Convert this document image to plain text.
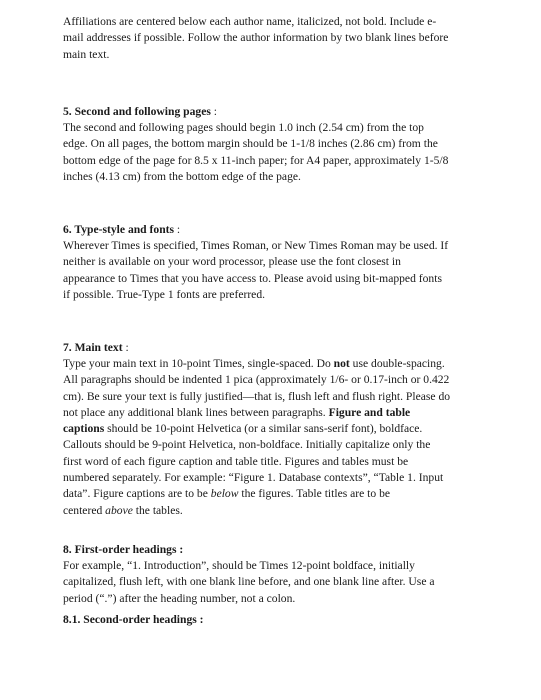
Affiliations are centered below each author name, italicized, not bold. Include e-
mail addresses if possible. Follow the author information by two blank lines before
main text.

5. Second and following pages :

The second and following pages should begin 1.0 inch (2.54 cm) from the top
edge. On all pages, the bottom margin should be 1-1/8 inches (2.86 cm) from the
bottom edge of the page for 8.5 x 11-inch paper; for A4 paper, approximately 1-5/8
inches (4.13 cm) from the bottom edge of the page.

6. Type-style and fonts :

Wherever Times is specified, Times Roman, or New Times Roman may be used. If
neither is available on your word processor, please use the font closest in
appearance to Times that you have access to. Please avoid using bit-mapped fonts
if possible. True-Type 1 fonts are preferred.

7. Main text :

Type your main text in 10-point Times, single-spaced. Do not use double-spacing.
All paragraphs should be indented 1 pica (approximately 1/6- or 0.17-inch or 0.422
cm). Be sure your text is fully justified—that is, flush left and flush right. Please do
not place any additional blank lines between paragraphs. Figure and table
captions should be 10-point Helvetica (or a similar sans-serif font), boldface.
Callouts should be 9-point Helvetica, non-boldface. Initially capitalize only the
first word of each figure caption and table title. Figures and tables must be
numbered separately. For example: “Figure 1. Database contexts”, “Table 1. Input
data”. Figure captions are to be below the figures. Table titles are to be
centered above the tables.

8. First-order headings :

For example, “1. Introduction”, should be Times 12-point boldface, initially
capitalized, flush left, with one blank line before, and one blank line after. Use a
period (“.”) after the heading number, not a colon.

8.1. Second-order headings :
